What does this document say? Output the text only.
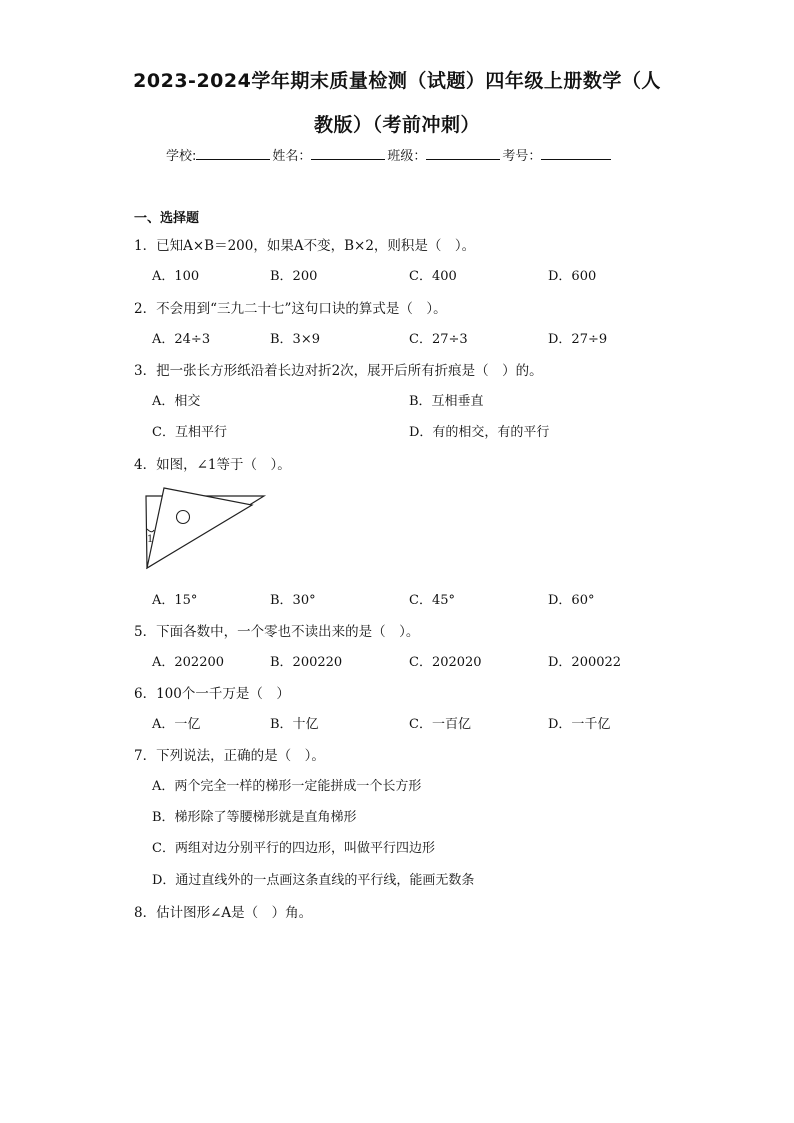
2023-2024学年期末质量检测（试题）四年级上册数学（人
教版）（考前冲刺）
学校:	姓名：	班级：	考号：
一、选择题
1．已知A×B＝200，如果A不变，B×2，则积是（　）。
A．100	B．200	C．400	D．600
2．不会用到“三九二十七”这句口诀的算式是（　）。
A．24÷3	B．3×9	C．27÷3	D．27÷9
3．把一张长方形纸沿着长边对折2次，展开后所有折痕是（　）的。
A．相交	B．互相垂直
C．互相平行	D．有的相交，有的平行
4．如图，∠1等于（　）。
1
A．15°	B．30°	C．45°	D．60°
5．下面各数中，一个零也不读出来的是（　）。
A．202200	B．200220	C．202020	D．200022
6．100个一千万是（　）
A．一亿	B．十亿	C．一百亿	D．一千亿
7．下列说法，正确的是（　）。
A．两个完全一样的梯形一定能拼成一个长方形
B．梯形除了等腰梯形就是直角梯形
C．两组对边分别平行的四边形，叫做平行四边形
D．通过直线外的一点画这条直线的平行线，能画无数条
8．估计图形∠A是（　）角。
